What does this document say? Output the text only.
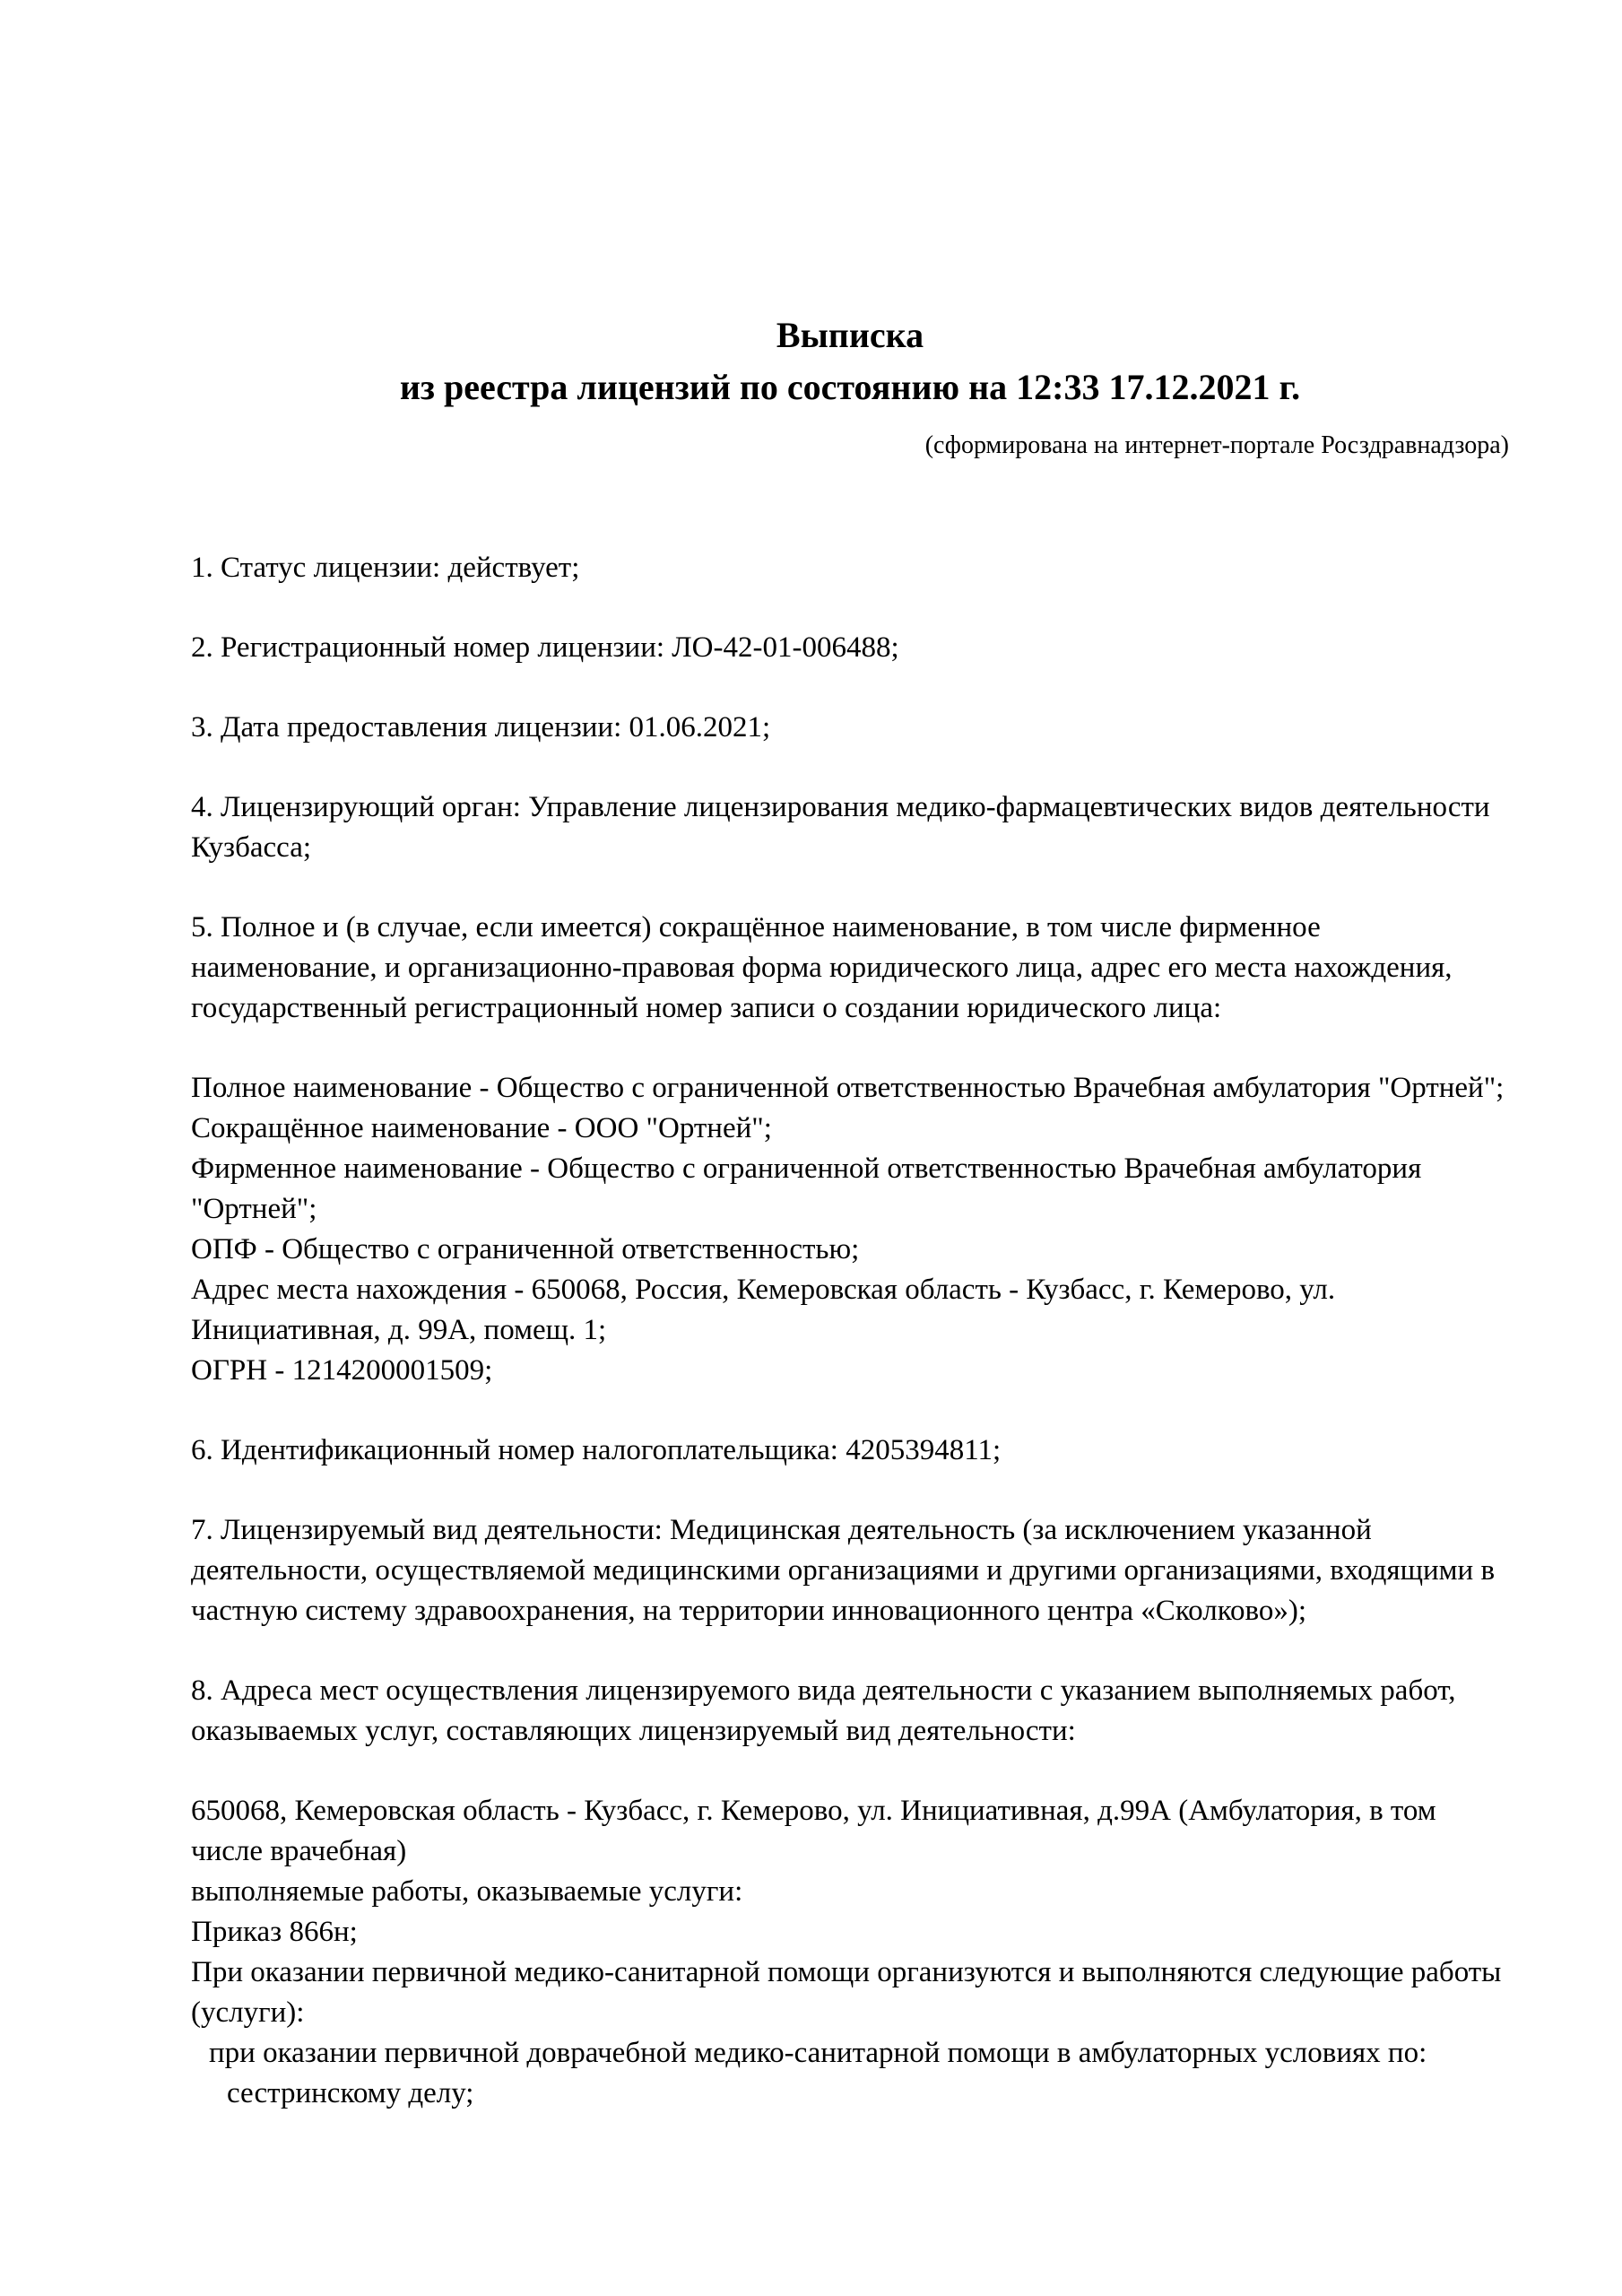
Выписка
из реестра лицензий по состоянию на 12:33 17.12.2021 г.
(сформирована на интернет-портале Росздравнадзора)

1. Статус лицензии: действует;

2. Регистрационный номер лицензии: ЛО-42-01-006488;

3. Дата предоставления лицензии: 01.06.2021;

4. Лицензирующий орган: Управление лицензирования медико-фармацевтических видов деятельности Кузбасса;

5. Полное и (в случае, если имеется) сокращённое наименование, в том числе фирменное наименование, и организационно-правовая форма юридического лица, адрес его места нахождения, государственный регистрационный номер записи о создании юридического лица:

Полное наименование - Общество с ограниченной ответственностью Врачебная амбулатория "Ортней";
Сокращённое наименование - ООО "Ортней";
Фирменное наименование - Общество с ограниченной ответственностью Врачебная амбулатория "Ортней";
ОПФ - Общество с ограниченной ответственностью;
Адрес места нахождения - 650068, Россия, Кемеровская область - Кузбасс, г. Кемерово, ул. Инициативная, д. 99А, помещ. 1;
ОГРН - 1214200001509;

6. Идентификационный номер налогоплательщика: 4205394811;

7. Лицензируемый вид деятельности: Медицинская деятельность (за исключением указанной деятельности, осуществляемой медицинскими организациями и другими организациями, входящими в частную систему здравоохранения, на территории инновационного центра «Сколково»);

8. Адреса мест осуществления лицензируемого вида деятельности с указанием выполняемых работ, оказываемых услуг, составляющих лицензируемый вид деятельности:

650068, Кемеровская область - Кузбасс, г. Кемерово, ул. Инициативная, д.99А (Амбулатория, в том числе врачебная)
выполняемые работы, оказываемые услуги:
Приказ 866н;
При оказании первичной медико-санитарной помощи организуются и выполняются следующие работы (услуги):
при оказании первичной доврачебной медико-санитарной помощи в амбулаторных условиях по:
сестринскому делу;
